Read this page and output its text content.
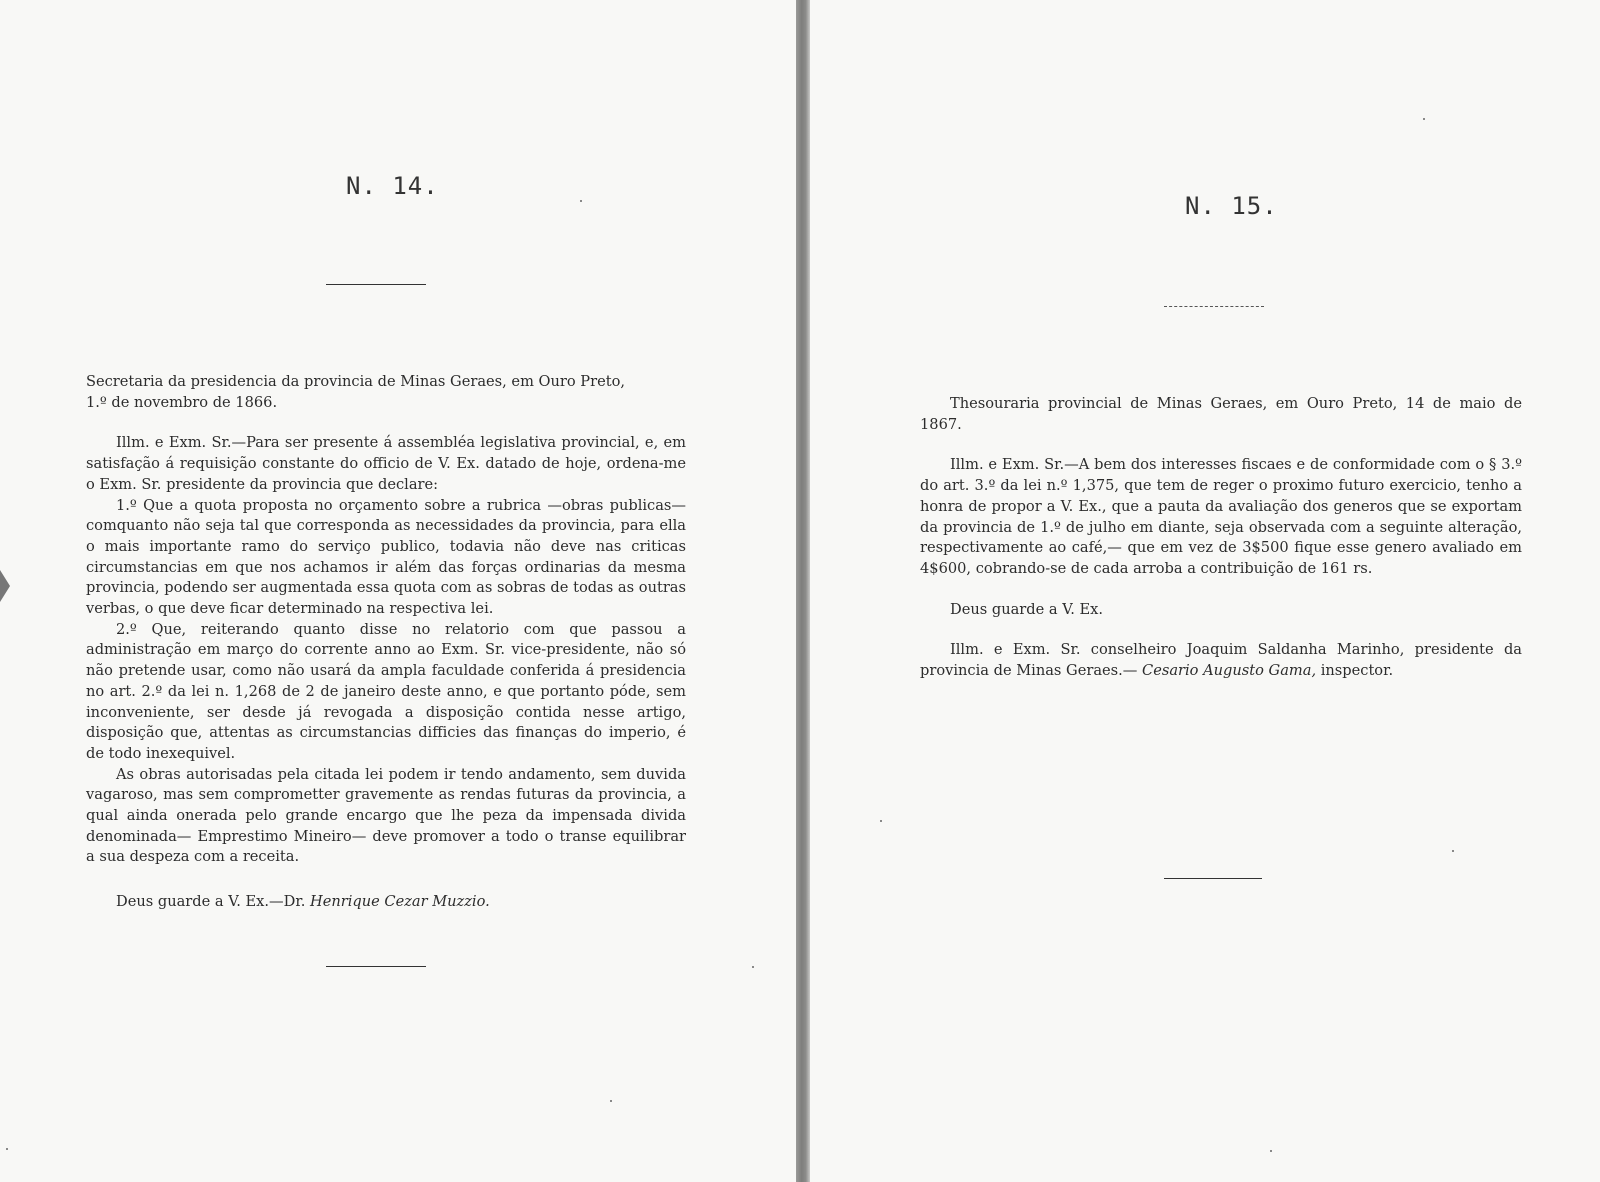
N. 14.

Secretaria da presidencia da provincia de Minas Geraes, em Ouro Preto,

1.º de novembro de 1866.

Illm. e Exm. Sr.—Para ser presente á assembléa legislativa provincial, e, em satisfação á requisição constante do officio de V. Ex. datado de hoje, ordena-me o Exm. Sr. presidente da provincia que declare:

1.º Que a quota proposta no orçamento sobre a rubrica —obras publicas— comquanto não seja tal que corresponda as necessidades da provincia, para ella o mais importante ramo do serviço publico, todavia não deve nas criticas circumstancias em que nos achamos ir além das forças ordinarias da mesma provincia, podendo ser augmentada essa quota com as sobras de todas as outras verbas, o que deve ficar determinado na respectiva lei.

2.º Que, reiterando quanto disse no relatorio com que passou a administração em março do corrente anno ao Exm. Sr. vice-presidente, não só não pretende usar, como não usará da ampla faculdade conferida á presidencia no art. 2.º da lei n. 1,268 de 2 de janeiro deste anno, e que portanto póde, sem inconveniente, ser desde já revogada a disposição contida nesse artigo, disposição que, attentas as circumstancias difficies das finanças do imperio, é de todo inexequivel.

As obras autorisadas pela citada lei podem ir tendo andamento, sem duvida vagaroso, mas sem comprometter gravemente as rendas futuras da provincia, a qual ainda onerada pelo grande encargo que lhe peza da impensada divida denominada— Emprestimo Mineiro— deve promover a todo o transe equilibrar a sua despeza com a receita.

Deus guarde a V. Ex.—Dr. Henrique Cezar Muzzio.

N. 15.

Thesouraria provincial de Minas Geraes, em Ouro Preto, 14 de maio de 1867.

Illm. e Exm. Sr.—A bem dos interesses fiscaes e de conformidade com o § 3.º do art. 3.º da lei n.º 1,375, que tem de reger o proximo futuro exercicio, tenho a honra de propor a V. Ex., que a pauta da avaliação dos generos que se exportam da provincia de 1.º de julho em diante, seja observada com a seguinte alteração, respectivamente ao café,— que em vez de 3$500 fique esse genero avaliado em 4$600, cobrando-se de cada arroba a contribuição de 161 rs.

Deus guarde a V. Ex.

Illm. e Exm. Sr. conselheiro Joaquim Saldanha Marinho, presidente da provincia de Minas Geraes.— Cesario Augusto Gama, inspector.
